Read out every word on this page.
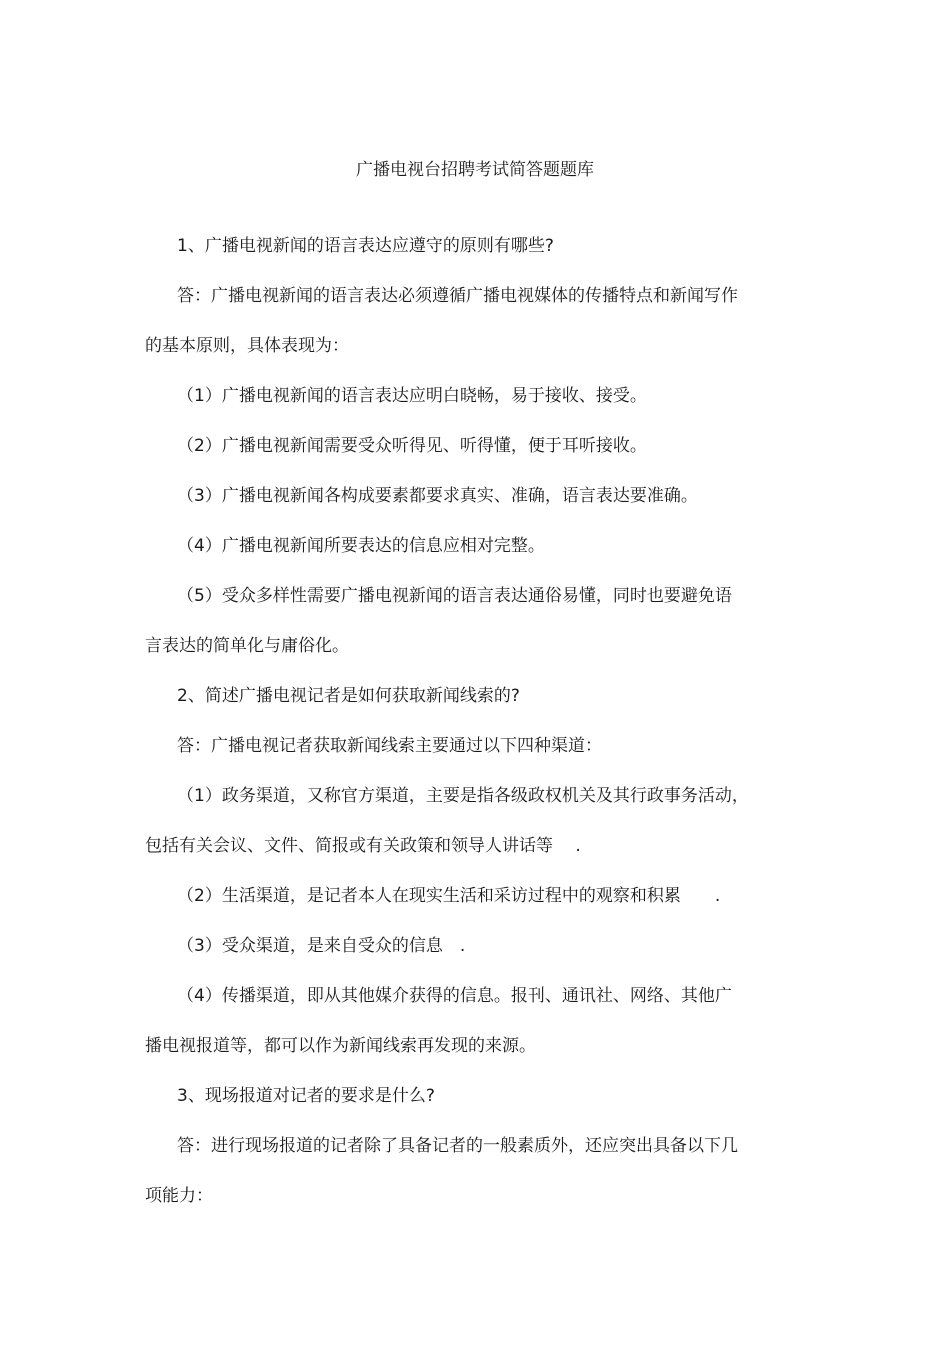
广播电视台招聘考试简答题题库
1、广播电视新闻的语言表达应遵守的原则有哪些?
答：广播电视新闻的语言表达必须遵循广播电视媒体的传播特点和新闻写作
的基本原则，具体表现为：
（1）广播电视新闻的语言表达应明白晓畅，易于接收、接受。
（2）广播电视新闻需要受众听得见、听得懂，便于耳听接收。
（3）广播电视新闻各构成要素都要求真实、准确，语言表达要准确。
（4）广播电视新闻所要表达的信息应相对完整。
（5）受众多样性需要广播电视新闻的语言表达通俗易懂，同时也要避免语
言表达的简单化与庸俗化。
2、简述广播电视记者是如何获取新闻线索的?
答：广播电视记者获取新闻线索主要通过以下四种渠道：
（1）政务渠道，又称官方渠道，主要是指各级政权机关及其行政事务活动，
包括有关会议、文件、简报或有关政策和领导人讲话等　 .
（2）生活渠道，是记者本人在现实生活和采访过程中的观察和积累　　.
（3）受众渠道，是来自受众的信息　.
（4）传播渠道，即从其他媒介获得的信息。报刊、通讯社、网络、其他广
播电视报道等，都可以作为新闻线索再发现的来源。
3、现场报道对记者的要求是什么?
答：进行现场报道的记者除了具备记者的一般素质外，还应突出具备以下几
项能力：
